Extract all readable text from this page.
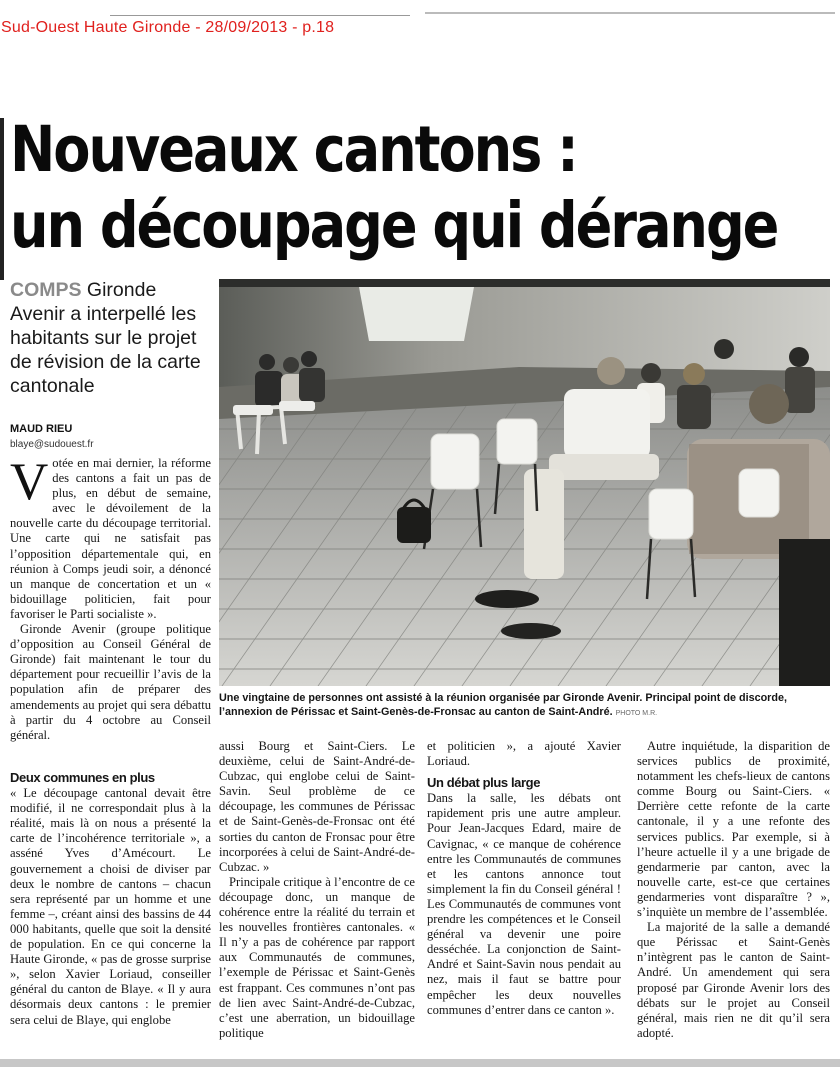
Sud-Ouest Haute Gironde - 28/09/2013 - p.18
Nouveaux cantons :
un découpage qui dérange
COMPS Gironde Avenir a interpellé les habitants sur le projet de révision de la carte cantonale
MAUD RIEU
blaye@sudouest.fr
Une vingtaine de personnes ont assisté à la réunion organisée par Gironde Avenir. Principal point de discorde, l’annexion de Périssac et Saint-Genès-de-Fronsac au canton de Saint-André. PHOTO M.R.

Votée en mai dernier, la réforme des cantons a fait un pas de plus, en début de semaine, avec le dévoilement de la nouvelle carte du découpage territorial. Une carte qui ne satisfait pas l’opposition départementale qui, en réunion à Comps jeudi soir, a dénoncé un manque de concertation et un « bidouillage politicien, fait pour favoriser le Parti socialiste ».

Gironde Avenir (groupe politique d’opposition au Conseil Général de Gironde) fait maintenant le tour du département pour recueillir l’avis de la population afin de préparer des amendements au projet qui sera débattu à partir du 4 octobre au Conseil général.

Deux communes en plus

« Le découpage cantonal devait être modifié, il ne correspondait plus à la réalité, mais là on nous a présenté la carte de l’incohérence territoriale », a asséné Yves d’Amécourt. Le gouvernement a choisi de diviser par deux le nombre de cantons – chacun sera représenté par un homme et une femme –, créant ainsi des bassins de 44 000 habitants, quelle que soit la densité de population. En ce qui concerne la Haute Gironde, « pas de grosse surprise », selon Xavier Loriaud, conseiller général du canton de Blaye. « Il y aura désormais deux cantons : le premier sera celui de Blaye, qui englobe

aussi Bourg et Saint-Ciers. Le deuxième, celui de Saint-André-de-Cubzac, qui englobe celui de Saint-Savin. Seul problème de ce découpage, les communes de Périssac et de Saint-Genès-de-Fronsac ont été sorties du canton de Fronsac pour être incorporées à celui de Saint-André-de-Cubzac. »

Principale critique à l’encontre de ce découpage donc, un manque de cohérence entre la réalité du terrain et les nouvelles frontières cantonales. « Il n’y a pas de cohérence par rapport aux Communautés de communes, l’exemple de Périssac et Saint-Genès est frappant. Ces communes n’ont pas de lien avec Saint-André-de-Cubzac, c’est une aberration, un bidouillage politique

et politicien », a ajouté Xavier Loriaud.

Un débat plus large

Dans la salle, les débats ont rapidement pris une autre ampleur. Pour Jean-Jacques Edard, maire de Cavignac, « ce manque de cohérence entre les Communautés de communes et les cantons annonce tout simplement la fin du Conseil général ! Les Communautés de communes vont prendre les compétences et le Conseil général va devenir une poire desséchée. La conjonction de Saint-André et Saint-Savin nous pendait au nez, mais il faut se battre pour empêcher les deux nouvelles communes d’entrer dans ce canton ».

Autre inquiétude, la disparition de services publics de proximité, notamment les chefs-lieux de cantons comme Bourg ou Saint-Ciers. « Derrière cette refonte de la carte cantonale, il y a une refonte des services publics. Par exemple, si à l’heure actuelle il y a une brigade de gendarmerie par canton, avec la nouvelle carte, est-ce que certaines gendarmeries vont disparaître ? », s’inquiète un membre de l’assemblée.

La majorité de la salle a demandé que Périssac et Saint-Genès n’intègrent pas le canton de Saint-André. Un amendement qui sera proposé par Gironde Avenir lors des débats sur le projet au Conseil général, mais rien ne dit qu’il sera adopté.
